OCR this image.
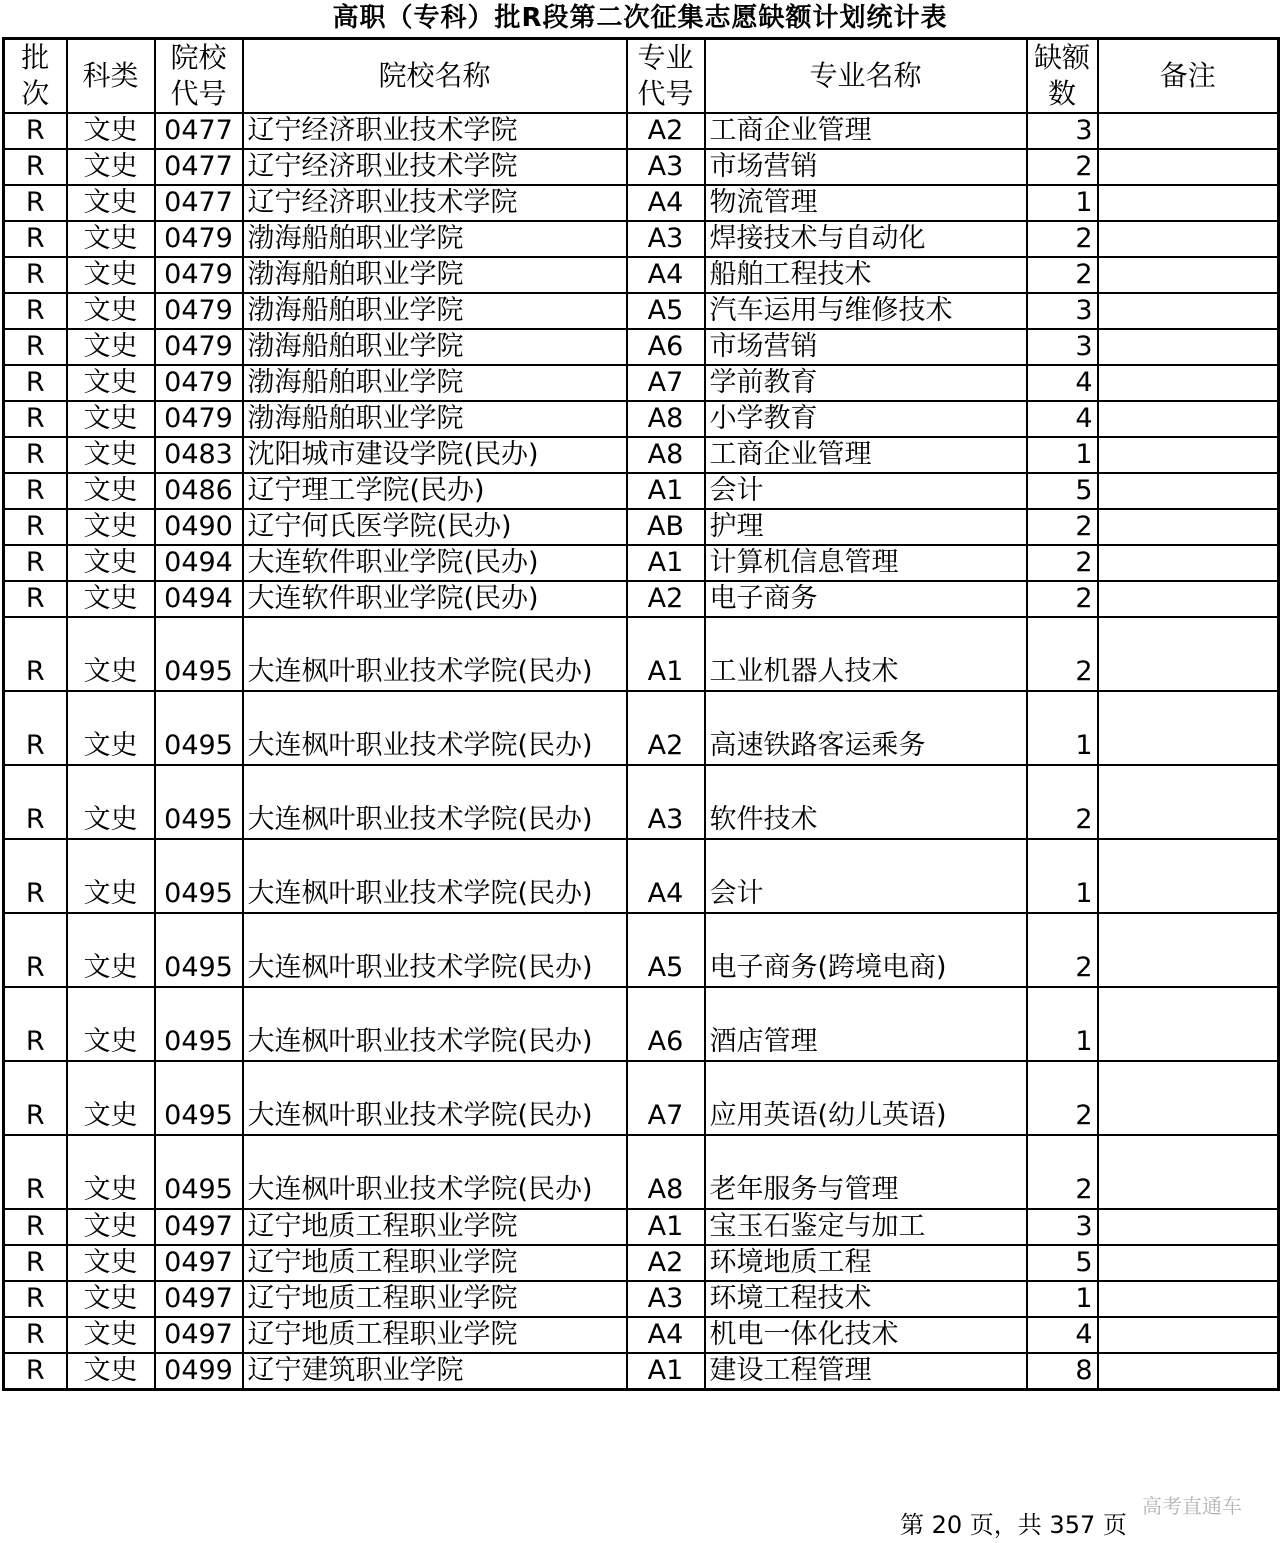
高职（专科）批R段第二次征集志愿缺额计划统计表
批次	科类	院校代号	院校名称	专业代号	专业名称	缺额数	备注
R	文史	0477	辽宁经济职业技术学院	A2	工商企业管理	3	
R	文史	0477	辽宁经济职业技术学院	A3	市场营销	2	
R	文史	0477	辽宁经济职业技术学院	A4	物流管理	1	
R	文史	0479	渤海船舶职业学院	A3	焊接技术与自动化	2	
R	文史	0479	渤海船舶职业学院	A4	船舶工程技术	2	
R	文史	0479	渤海船舶职业学院	A5	汽车运用与维修技术	3	
R	文史	0479	渤海船舶职业学院	A6	市场营销	3	
R	文史	0479	渤海船舶职业学院	A7	学前教育	4	
R	文史	0479	渤海船舶职业学院	A8	小学教育	4	
R	文史	0483	沈阳城市建设学院(民办)	A8	工商企业管理	1	
R	文史	0486	辽宁理工学院(民办)	A1	会计	5	
R	文史	0490	辽宁何氏医学院(民办)	AB	护理	2	
R	文史	0494	大连软件职业学院(民办)	A1	计算机信息管理	2	
R	文史	0494	大连软件职业学院(民办)	A2	电子商务	2	
R	文史	0495	大连枫叶职业技术学院(民办)	A1	工业机器人技术	2	
R	文史	0495	大连枫叶职业技术学院(民办)	A2	高速铁路客运乘务	1	
R	文史	0495	大连枫叶职业技术学院(民办)	A3	软件技术	2	
R	文史	0495	大连枫叶职业技术学院(民办)	A4	会计	1	
R	文史	0495	大连枫叶职业技术学院(民办)	A5	电子商务(跨境电商)	2	
R	文史	0495	大连枫叶职业技术学院(民办)	A6	酒店管理	1	
R	文史	0495	大连枫叶职业技术学院(民办)	A7	应用英语(幼儿英语)	2	
R	文史	0495	大连枫叶职业技术学院(民办)	A8	老年服务与管理	2	
R	文史	0497	辽宁地质工程职业学院	A1	宝玉石鉴定与加工	3	
R	文史	0497	辽宁地质工程职业学院	A2	环境地质工程	5	
R	文史	0497	辽宁地质工程职业学院	A3	环境工程技术	1	
R	文史	0497	辽宁地质工程职业学院	A4	机电一体化技术	4	
R	文史	0499	辽宁建筑职业学院	A1	建设工程管理	8	
第 20 页，共 357 页
高考直通车
